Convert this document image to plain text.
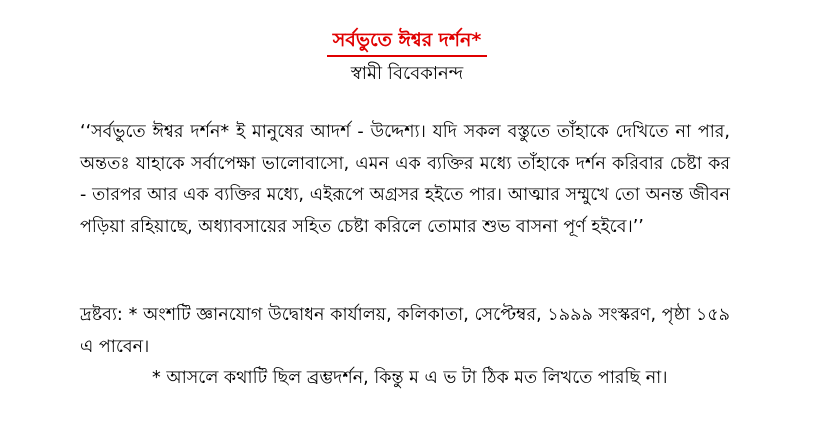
সর্বভুতে ঈশ্বর দর্শন*
স্বামী বিবেকানন্দ

‘‘সর্বভুতে ঈশ্বর দর্শন* ই মানুষের আদর্শ - উদ্দেশ্য। যদি সকল বস্তুতে তাঁহাকে দেখিতে না পার, অন্ততঃ যাহাকে সর্বাপেক্ষা ভালোবাসো, এমন এক ব্যক্তির মধ্যে তাঁহাকে দর্শন করিবার চেষ্টা কর - তারপর আর এক ব্যক্তির মধ্যে, এইরূপে অগ্রসর হইতে পার। আত্মার সম্মুখে তো অনন্ত জীবন পড়িয়া রহিয়াছে, অধ্যাবসায়ের সহিত চেষ্টা করিলে তোমার শুভ বাসনা পূর্ণ হইবে।’’

দ্রষ্টব্য: * অংশটি জ্ঞানযোগ উদ্বোধন কার্যালয়, কলিকাতা, সেপ্টেম্বর, ১৯৯৯ সংস্করণ, পৃষ্ঠা ১৫৯ এ পাবেন।

* আসলে কথাটি ছিল ব্রম্ভদর্শন, কিন্তু ম এ ভ টা ঠিক মত লিখতে পারছি না।
